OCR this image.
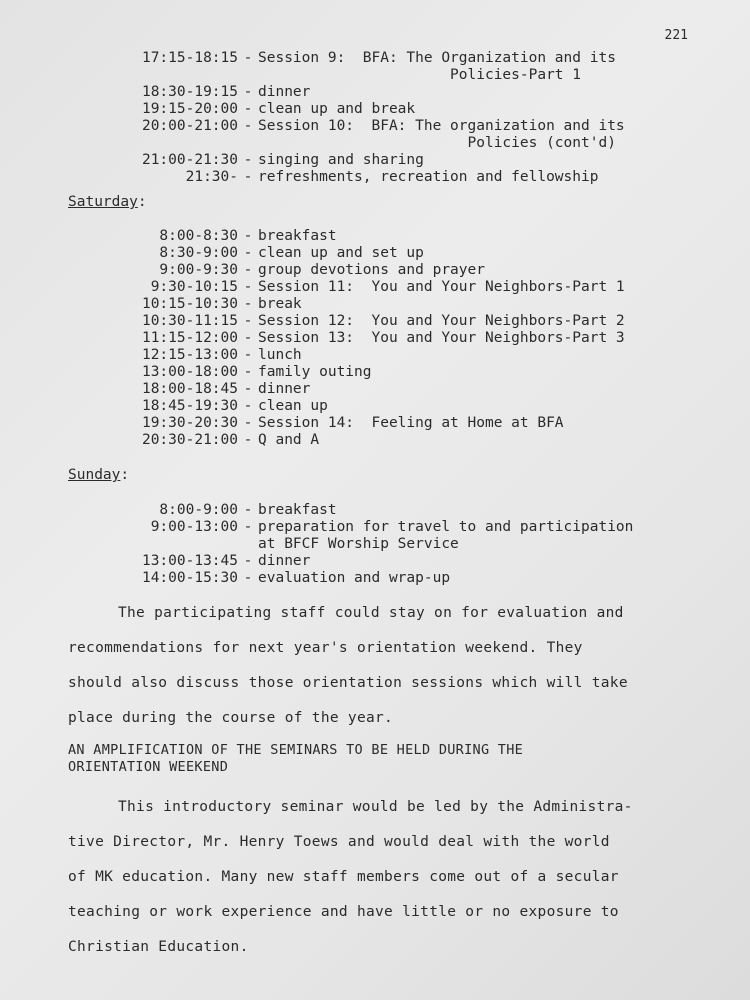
221
17:15-18:15 - Session 9:  BFA: The Organization and its
Policies-Part 1
18:30-19:15 - dinner
19:15-20:00 - clean up and break
20:00-21:00 - Session 10:  BFA: The organization and its
Policies (cont'd)
21:00-21:30 - singing and sharing
21:30- - refreshments, recreation and fellowship
Saturday:
8:00-8:30 - breakfast
8:30-9:00 - clean up and set up
9:00-9:30 - group devotions and prayer
9:30-10:15 - Session 11:  You and Your Neighbors-Part 1
10:15-10:30 - break
10:30-11:15 - Session 12:  You and Your Neighbors-Part 2
11:15-12:00 - Session 13:  You and Your Neighbors-Part 3
12:15-13:00 - lunch
13:00-18:00 - family outing
18:00-18:45 - dinner
18:45-19:30 - clean up
19:30-20:30 - Session 14:  Feeling at Home at BFA
20:30-21:00 - Q and A
Sunday:
8:00-9:00 - breakfast
9:00-13:00 - preparation for travel to and participation
at BFCF Worship Service
13:00-13:45 - dinner
14:00-15:30 - evaluation and wrap-up
The participating staff could stay on for evaluation and
recommendations for next year's orientation weekend. They
should also discuss those orientation sessions which will take
place during the course of the year.
AN AMPLIFICATION OF THE SEMINARS TO BE HELD DURING THE
ORIENTATION WEEKEND
This introductory seminar would be led by the Administra-
tive Director, Mr. Henry Toews and would deal with the world
of MK education. Many new staff members come out of a secular
teaching or work experience and have little or no exposure to
Christian Education.
